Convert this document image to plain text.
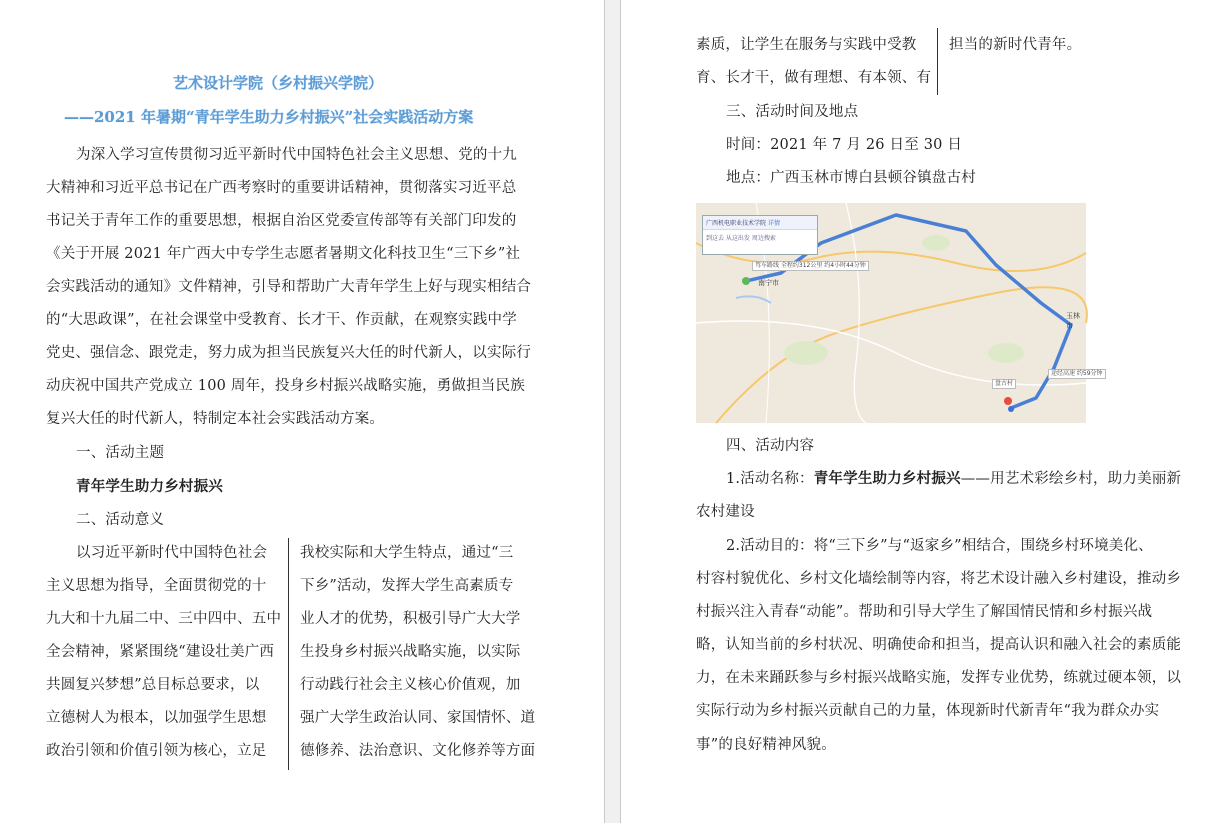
艺术设计学院（乡村振兴学院）
——2021 年暑期“青年学生助力乡村振兴”社会实践活动方案
为深入学习宣传贯彻习近平新时代中国特色社会主义思想、党的十九
大精神和习近平总书记在广西考察时的重要讲话精神，贯彻落实习近平总
书记关于青年工作的重要思想，根据自治区党委宣传部等有关部门印发的
《关于开展 2021 年广西大中专学生志愿者暑期文化科技卫生“三下乡”社
会实践活动的通知》文件精神，引导和帮助广大青年学生上好与现实相结合
的“大思政课”，在社会课堂中受教育、长才干、作贡献，在观察实践中学
党史、强信念、跟党走，努力成为担当民族复兴大任的时代新人，以实际行
动庆祝中国共产党成立 100 周年，投身乡村振兴战略实施，勇做担当民族
复兴大任的时代新人，特制定本社会实践活动方案。
一、活动主题
青年学生助力乡村振兴
二、活动意义
以习近平新时代中国特色社会
主义思想为指导，全面贯彻党的十
九大和十九届二中、三中四中、五中
全会精神，紧紧围绕“建设壮美广西
共圆复兴梦想”总目标总要求，以
立德树人为根本，以加强学生思想
政治引领和价值引领为核心，立足
我校实际和大学生特点，通过“三
下乡”活动，发挥大学生高素质专
业人才的优势，积极引导广大大学
生投身乡村振兴战略实施，以实际
行动践行社会主义核心价值观，加
强广大学生政治认同、家国情怀、道
德修养、法治意识、文化修养等方面
素质，让学生在服务与实践中受教
育、长才干，做有理想、有本领、有
担当的新时代青年。
三、活动时间及地点
时间：2021 年 7 月 26 日至 30 日
地点：广西玉林市博白县顿谷镇盘古村
广西机电职业技术学院 详情
到这去 从这出发 周边搜索
驾车路线 全程约312公里 约4小时44分钟
盘古村
途经高速 约59分钟
玉林市
南宁市
四、活动内容
1.活动名称：青年学生助力乡村振兴——用艺术彩绘乡村，助力美丽新
农村建设
2.活动目的：将“三下乡”与“返家乡”相结合，围绕乡村环境美化、
村容村貌优化、乡村文化墙绘制等内容，将艺术设计融入乡村建设，推动乡
村振兴注入青春“动能”。帮助和引导大学生了解国情民情和乡村振兴战
略，认知当前的乡村状况、明确使命和担当，提高认识和融入社会的素质能
力，在未来踊跃参与乡村振兴战略实施，发挥专业优势，练就过硬本领，以
实际行动为乡村振兴贡献自己的力量，体现新时代新青年“我为群众办实
事”的良好精神风貌。
